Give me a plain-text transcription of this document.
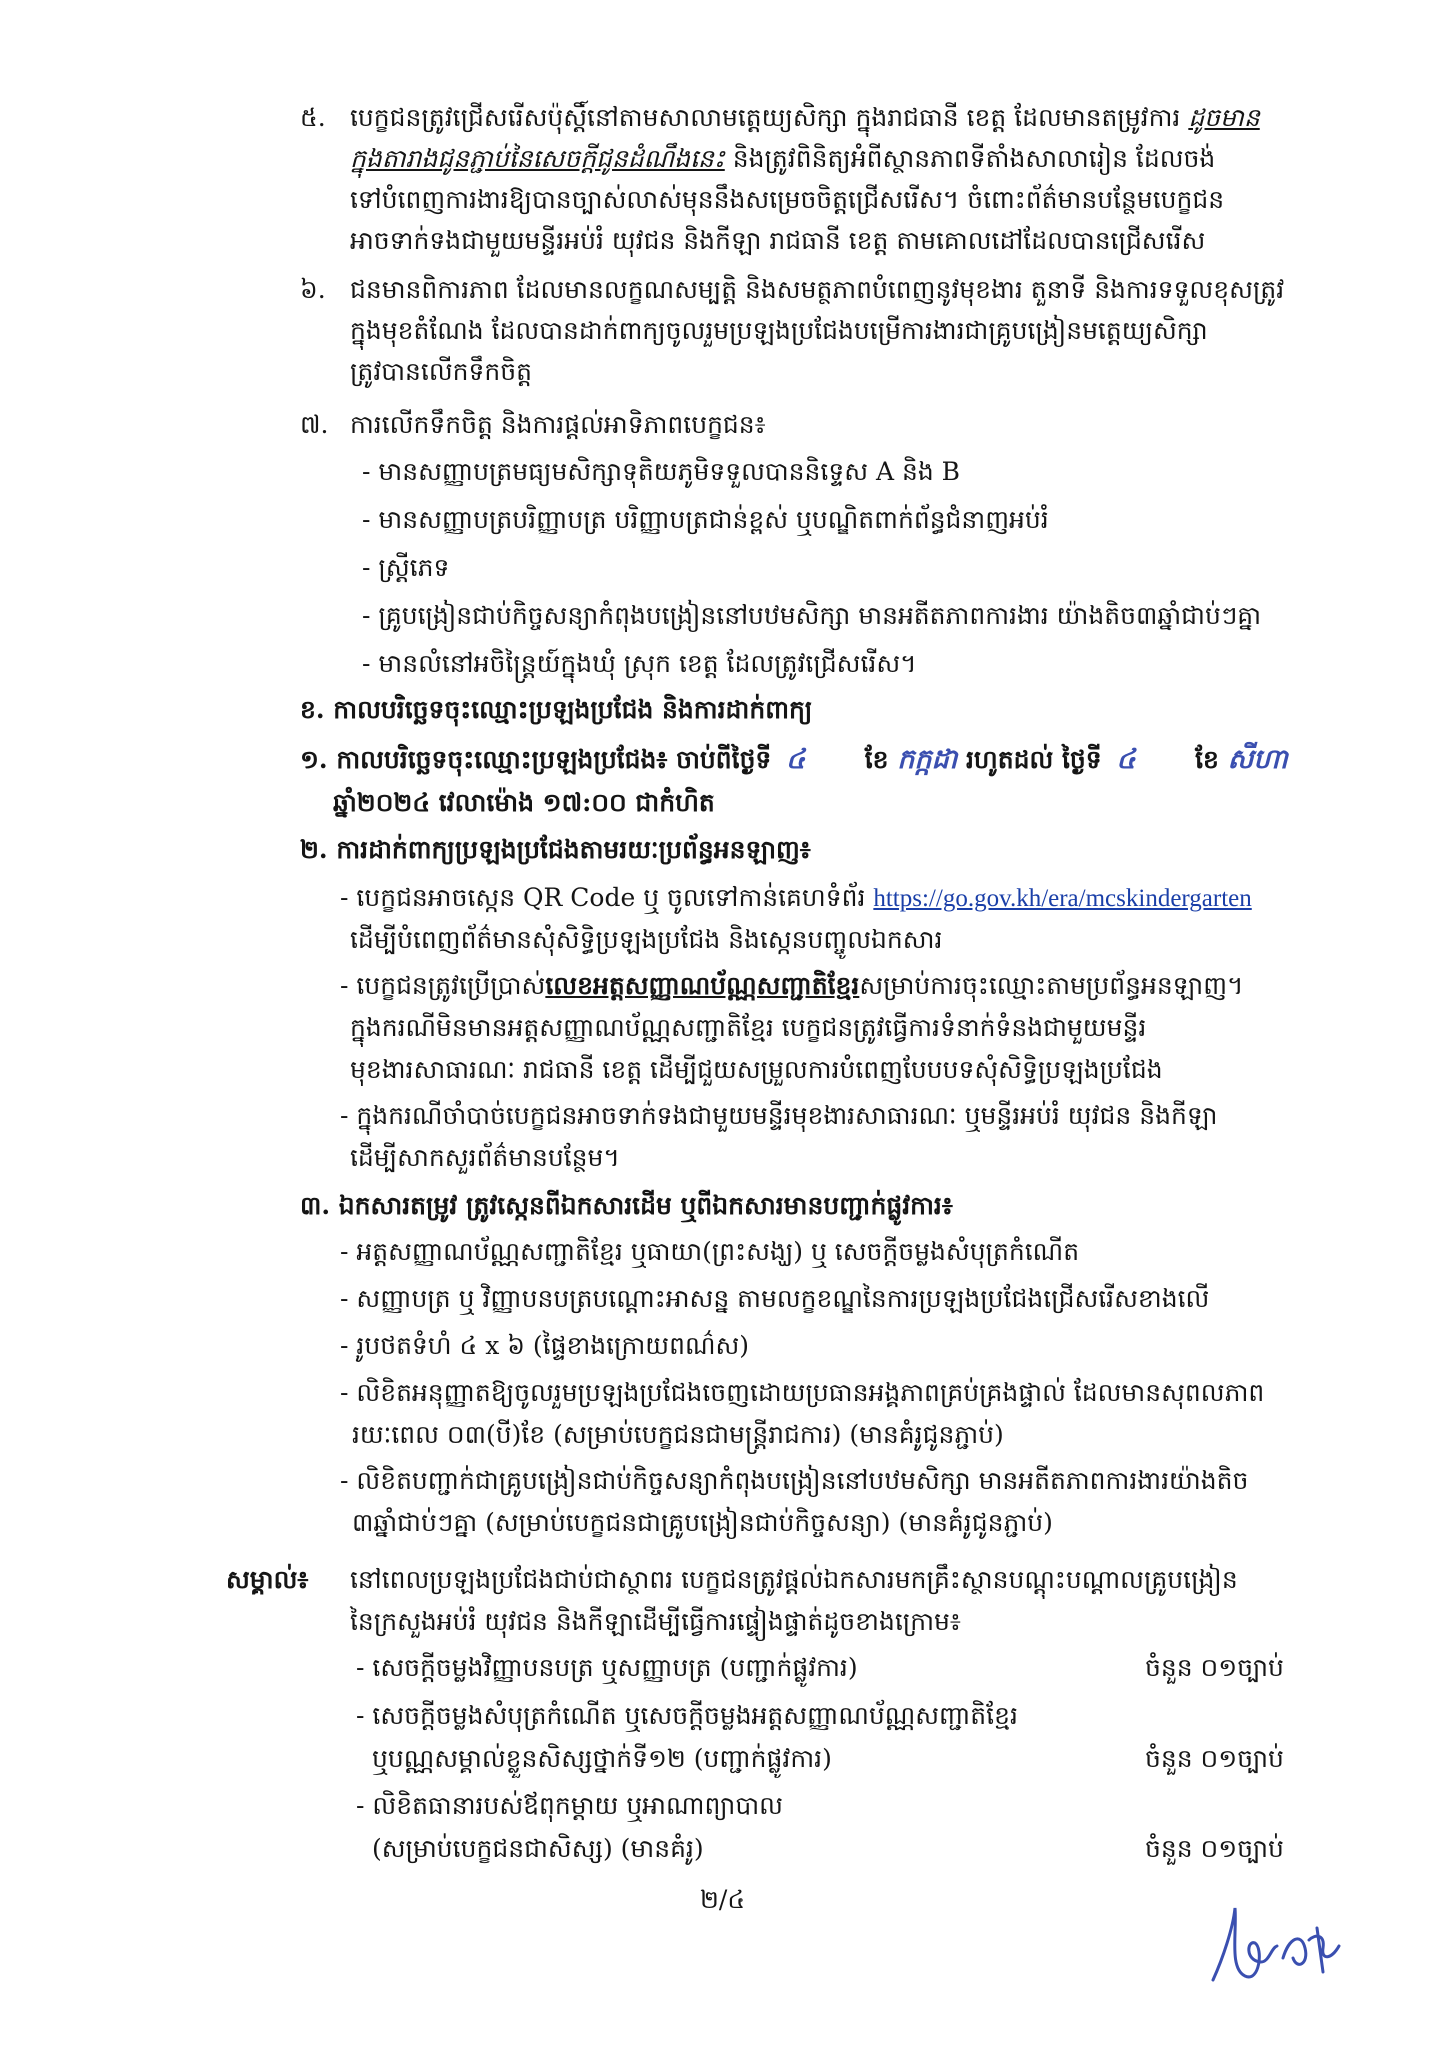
៥. បេក្ខជនត្រូវជ្រើសរើសប៉ុស្តិ៍នៅតាមសាលាមត្តេយ្យសិក្សា ក្នុងរាជធានី ខេត្ត ដែលមានតម្រូវការ ដូចមាន
ក្នុងតារាងជូនភ្ជាប់នៃសេចក្តីជូនដំណឹងនេះ និងត្រូវពិនិត្យអំពីស្ថានភាពទីតាំងសាលារៀន ដែលចង់
ទៅបំពេញការងារឱ្យបានច្បាស់លាស់មុននឹងសម្រេចចិត្តជ្រើសរើស។ ចំពោះព័ត៌មានបន្ថែមបេក្ខជន
អាចទាក់ទងជាមួយមន្ទីរអប់រំ យុវជន និងកីឡា រាជធានី ខេត្ត តាមគោលដៅដែលបានជ្រើសរើស
៦. ជនមានពិការភាព ដែលមានលក្ខណសម្បត្តិ និងសមត្ថភាពបំពេញនូវមុខងារ តួនាទី និងការទទួលខុសត្រូវ
ក្នុងមុខតំណែង ដែលបានដាក់ពាក្យចូលរួមប្រឡងប្រជែងបម្រើការងារជាគ្រូបង្រៀនមត្តេយ្យសិក្សា
ត្រូវបានលើកទឹកចិត្ត
៧. ការលើកទឹកចិត្ត និងការផ្តល់អាទិភាពបេក្ខជន៖
- មានសញ្ញាបត្រមធ្យមសិក្សាទុតិយភូមិទទួលបាននិទ្ទេស A និង B
- មានសញ្ញាបត្របរិញ្ញាបត្រ បរិញ្ញាបត្រជាន់ខ្ពស់ ឬបណ្ឌិតពាក់ព័ន្ធជំនាញអប់រំ
- ស្ត្រីភេទ
- គ្រូបង្រៀនជាប់កិច្ចសន្យាកំពុងបង្រៀននៅបឋមសិក្សា មានអតីតភាពការងារ យ៉ាងតិច៣ឆ្នាំជាប់ៗគ្នា
- មានលំនៅអចិន្ត្រៃយ៍ក្នុងឃុំ ស្រុក ខេត្ត ដែលត្រូវជ្រើសរើស។
ខ. កាលបរិច្ឆេទចុះឈ្មោះប្រឡងប្រជែង និងការដាក់ពាក្យ
១. កាលបរិច្ឆេទចុះឈ្មោះប្រឡងប្រជែង៖ ចាប់ពីថ្ងៃទី ៤ ខែ កក្កដា រហូតដល់ ថ្ងៃទី ៤ ខែ សីហា
ឆ្នាំ២០២៤ វេលាម៉ោង ១៧:០០ ជាកំហិត
២. ការដាក់ពាក្យប្រឡងប្រជែងតាមរយៈប្រព័ន្ធអនឡាញ៖
- បេក្ខជនអាចស្កេន QR Code ឬ ចូលទៅកាន់គេហទំព័រ https://go.gov.kh/era/mcskindergarten
ដើម្បីបំពេញព័ត៌មានសុំសិទ្ធិប្រឡងប្រជែង និងស្កេនបញ្ចូលឯកសារ
- បេក្ខជនត្រូវប្រើប្រាស់លេខអត្តសញ្ញាណប័ណ្ណសញ្ជាតិខ្មែរសម្រាប់ការចុះឈ្មោះតាមប្រព័ន្ធអនឡាញ។
ក្នុងករណីមិនមានអត្តសញ្ញាណប័ណ្ណសញ្ជាតិខ្មែរ បេក្ខជនត្រូវធ្វើការទំនាក់ទំនងជាមួយមន្ទីរ
មុខងារសាធារណៈ រាជធានី ខេត្ត ដើម្បីជួយសម្រួលការបំពេញបែបបទសុំសិទ្ធិប្រឡងប្រជែង
- ក្នុងករណីចាំបាច់បេក្ខជនអាចទាក់ទងជាមួយមន្ទីរមុខងារសាធារណៈ ឬមន្ទីរអប់រំ យុវជន និងកីឡា
ដើម្បីសាកសួរព័ត៌មានបន្ថែម។
៣. ឯកសារតម្រូវ ត្រូវស្កេនពីឯកសារដើម ឬពីឯកសារមានបញ្ជាក់ផ្លូវការ៖
- អត្តសញ្ញាណប័ណ្ណសញ្ជាតិខ្មែរ ឬធាយា(ព្រះសង្ឃ) ឬ សេចក្តីចម្លងសំបុត្រកំណើត
- សញ្ញាបត្រ ឬ វិញ្ញាបនបត្របណ្តោះអាសន្ន តាមលក្ខខណ្ឌនៃការប្រឡងប្រជែងជ្រើសរើសខាងលើ
- រូបថតទំហំ ៤ x ៦ (ផ្ទៃខាងក្រោយពណ៌ស)
- លិខិតអនុញ្ញាតឱ្យចូលរួមប្រឡងប្រជែងចេញដោយប្រធានអង្គភាពគ្រប់គ្រងផ្ទាល់ ដែលមានសុពលភាព
រយៈពេល ០៣(បី)ខែ (សម្រាប់បេក្ខជនជាមន្ត្រីរាជការ) (មានគំរូជូនភ្ជាប់)
- លិខិតបញ្ជាក់ជាគ្រូបង្រៀនជាប់កិច្ចសន្យាកំពុងបង្រៀននៅបឋមសិក្សា មានអតីតភាពការងារយ៉ាងតិច
៣ឆ្នាំជាប់ៗគ្នា (សម្រាប់បេក្ខជនជាគ្រូបង្រៀនជាប់កិច្ចសន្យា) (មានគំរូជូនភ្ជាប់)
សម្គាល់៖ នៅពេលប្រឡងប្រជែងជាប់ជាស្ថាពរ បេក្ខជនត្រូវផ្តល់ឯកសារមកគ្រឹះស្ថានបណ្តុះបណ្តាលគ្រូបង្រៀន
នៃក្រសួងអប់រំ យុវជន និងកីឡាដើម្បីធ្វើការផ្ទៀងផ្ទាត់ដូចខាងក្រោម៖
- សេចក្តីចម្លងវិញ្ញាបនបត្រ ឬសញ្ញាបត្រ (បញ្ជាក់ផ្លូវការ)	ចំនួន ០១ច្បាប់
- សេចក្តីចម្លងសំបុត្រកំណើត ឬសេចក្តីចម្លងអត្តសញ្ញាណប័ណ្ណសញ្ជាតិខ្មែរ
ឬបណ្ណសម្គាល់ខ្លួនសិស្សថ្នាក់ទី១២ (បញ្ជាក់ផ្លូវការ)	ចំនួន ០១ច្បាប់
- លិខិតធានារបស់ឪពុកម្តាយ ឬអាណាព្យាបាល
(សម្រាប់បេក្ខជនជាសិស្ស) (មានគំរូ)	ចំនួន ០១ច្បាប់
២/៤
